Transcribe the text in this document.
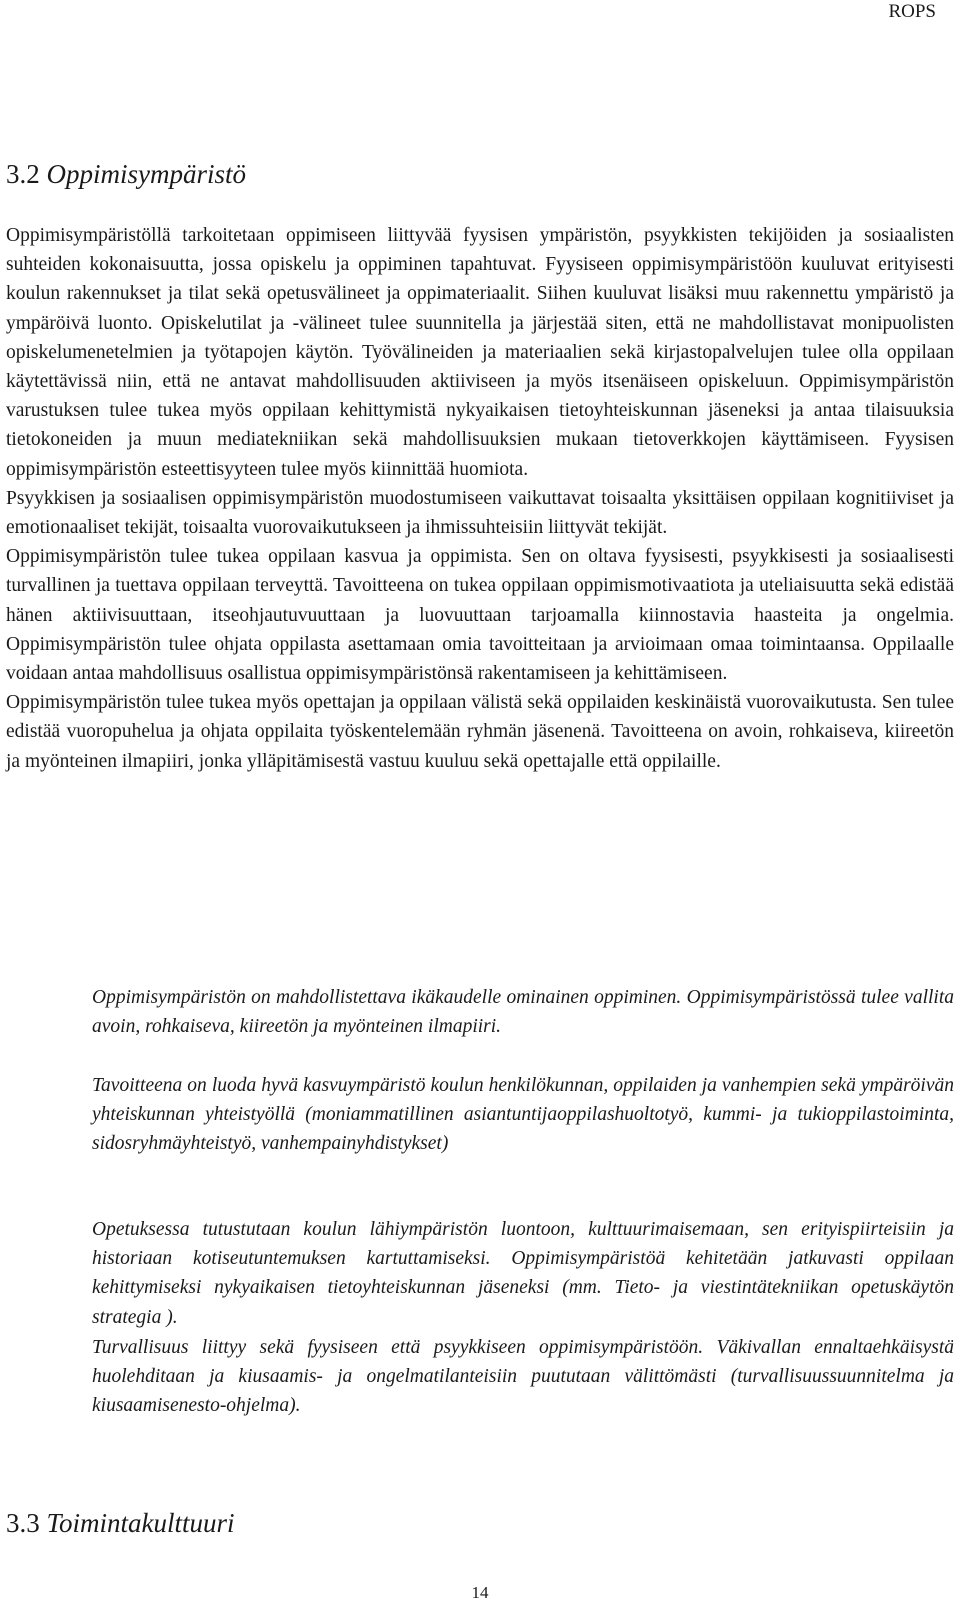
ROPS
3.2 Oppimisympäristö

Oppimisympäristöllä tarkoitetaan oppimiseen liittyvää fyysisen ympäristön, psyykkisten tekijöiden ja sosiaalisten suhteiden kokonaisuutta, jossa opiskelu ja oppiminen tapahtuvat. Fyysiseen oppimisympäristöön kuuluvat erityisesti koulun rakennukset ja tilat sekä opetusvälineet ja oppimateriaalit. Siihen kuuluvat lisäksi muu rakennettu ympäristö ja ympäröivä luonto. Opiskelutilat ja -välineet tulee suunnitella ja järjestää siten, että ne mahdollistavat monipuolisten opiskelumenetelmien ja työtapojen käytön. Työvälineiden ja materiaalien sekä kirjastopalvelujen tulee olla oppilaan käytettävissä niin, että ne antavat mahdollisuuden aktiiviseen ja myös itsenäiseen opiskeluun. Oppimisympäristön varustuksen tulee tukea myös oppilaan kehittymistä nykyaikaisen tietoyhteiskunnan jäseneksi ja antaa tilaisuuksia tietokoneiden ja muun mediatekniikan sekä mahdollisuuksien mukaan tietoverkkojen käyttämiseen. Fyysisen oppimisympäristön esteettisyyteen tulee myös kiinnittää huomiota.

Psyykkisen ja sosiaalisen oppimisympäristön muodostumiseen vaikuttavat toisaalta yksittäisen oppilaan kognitiiviset ja emotionaaliset tekijät, toisaalta vuorovaikutukseen ja ihmissuhteisiin liittyvät tekijät.

Oppimisympäristön tulee tukea oppilaan kasvua ja oppimista. Sen on oltava fyysisesti, psyykkisesti ja sosiaalisesti turvallinen ja tuettava oppilaan terveyttä. Tavoitteena on tukea oppilaan oppimismotivaatiota ja uteliaisuutta sekä edistää hänen aktiivisuuttaan, itseohjautuvuuttaan ja luovuuttaan tarjoamalla kiinnostavia haasteita ja ongelmia. Oppimisympäristön tulee ohjata oppilasta asettamaan omia tavoitteitaan ja arvioimaan omaa toimintaansa. Oppilaalle voidaan antaa mahdollisuus osallistua oppimisympäristönsä rakentamiseen ja kehittämiseen.

Oppimisympäristön tulee tukea myös opettajan ja oppilaan välistä sekä oppilaiden keskinäistä vuorovaikutusta. Sen tulee edistää vuoropuhelua ja ohjata oppilaita työskentelemään ryhmän jäsenenä. Tavoitteena on avoin, rohkaiseva, kiireetön ja myönteinen ilmapiiri, jonka ylläpitämisestä vastuu kuuluu sekä opettajalle että oppilaille.

Oppimisympäristön on mahdollistettava ikäkaudelle ominainen oppiminen. Oppimisympäristössä tulee vallita avoin, rohkaiseva, kiireetön ja myönteinen ilmapiiri.

Tavoitteena on luoda hyvä kasvuympäristö koulun henkilökunnan, oppilaiden ja vanhempien sekä ympäröivän yhteiskunnan yhteistyöllä (moniammatillinen asiantuntijaoppilashuoltotyö, kummi- ja tukioppilastoiminta, sidosryhmäyhteistyö, vanhempainyhdistykset)

Opetuksessa tutustutaan koulun lähiympäristön luontoon, kulttuurimaisemaan, sen erityispiirteisiin ja historiaan kotiseutuntemuksen kartuttamiseksi. Oppimisympäristöä kehitetään jatkuvasti oppilaan kehittymiseksi nykyaikaisen tietoyhteiskunnan jäseneksi (mm. Tieto- ja viestintätekniikan opetuskäytön strategia ).

Turvallisuus liittyy sekä fyysiseen että psyykkiseen oppimisympäristöön. Väkivallan ennaltaehkäisystä huolehditaan ja kiusaamis- ja ongelmatilanteisiin puututaan välittömästi (turvallisuussuunnitelma ja kiusaamisenesto-ohjelma).

3.3 Toimintakulttuuri
14
